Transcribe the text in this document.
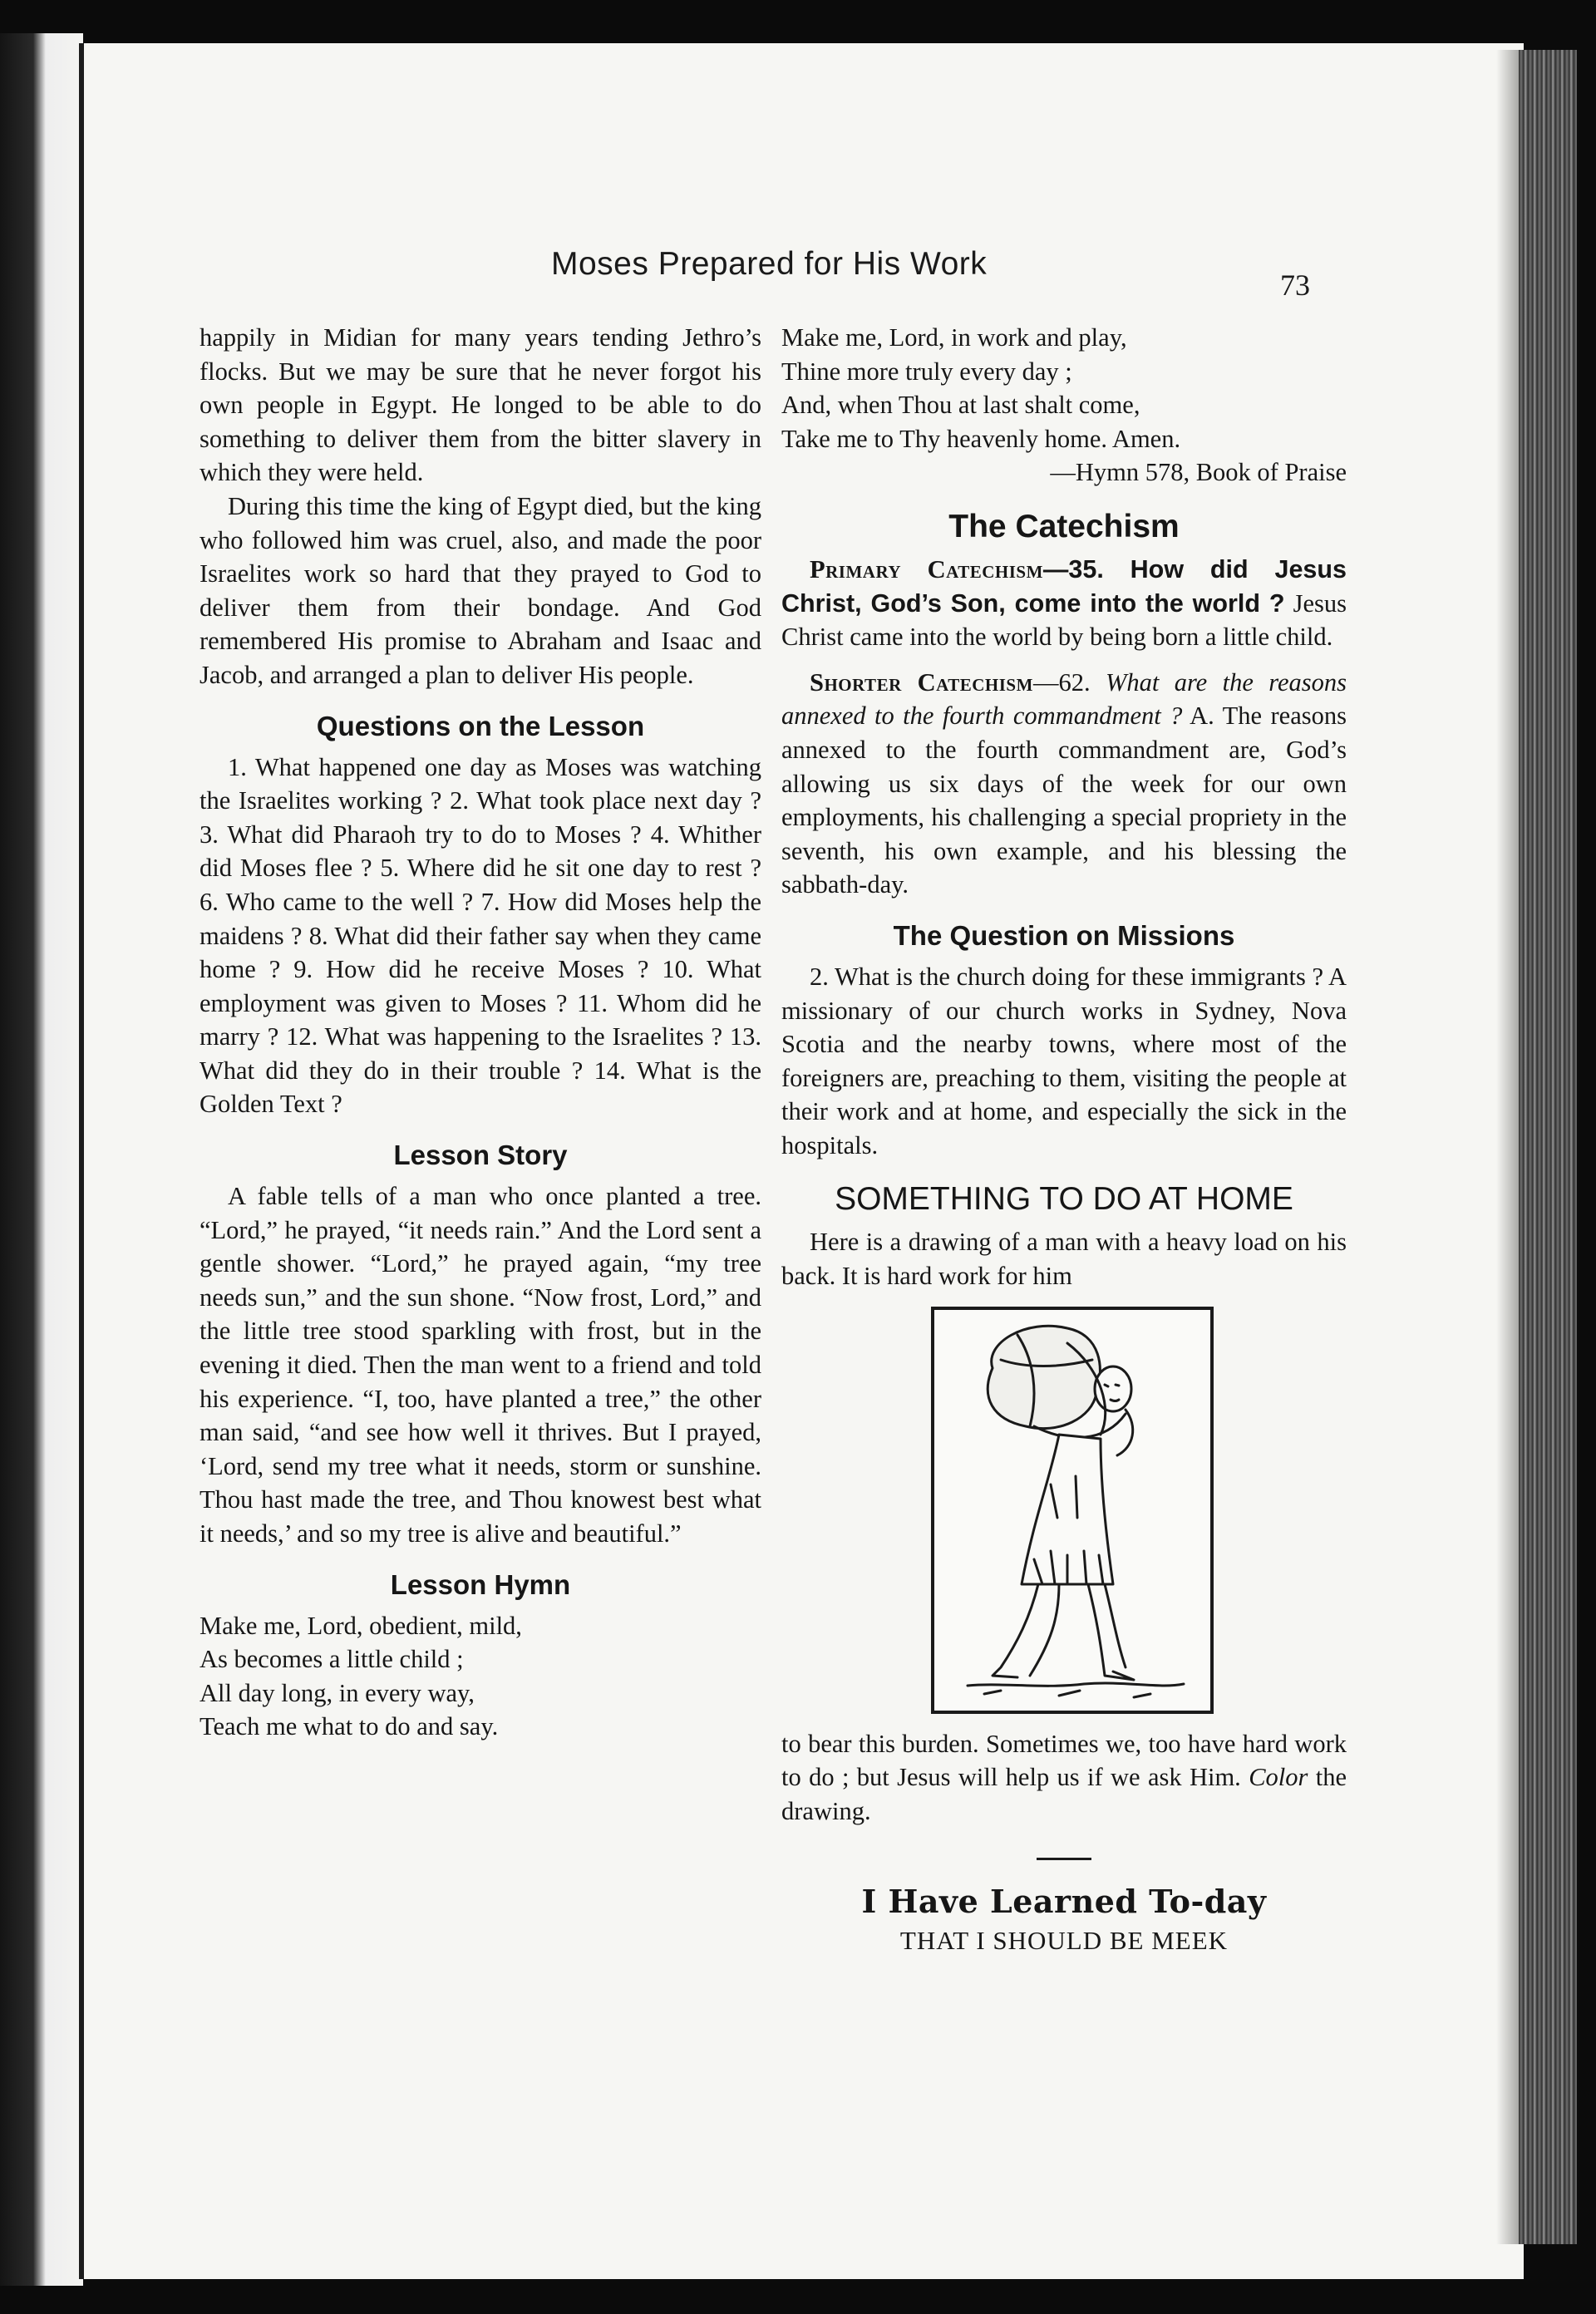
Moses Prepared for His Work
73

happily in Midian for many years tending Jethro’s flocks. But we may be sure that he never forgot his own people in Egypt. He longed to be able to do something to deliver them from the bitter slavery in which they were held.

During this time the king of Egypt died, but the king who followed him was cruel, also, and made the poor Israelites work so hard that they prayed to God to deliver them from their bondage. And God remembered His promise to Abraham and Isaac and Jacob, and arranged a plan to deliver His people.

Questions on the Lesson

1. What happened one day as Moses was watching the Israelites working ? 2. What took place next day ? 3. What did Pharaoh try to do to Moses ? 4. Whither did Moses flee ? 5. Where did he sit one day to rest ? 6. Who came to the well ? 7. How did Moses help the maidens ? 8. What did their father say when they came home ? 9. How did he receive Moses ? 10. What employment was given to Moses ? 11. Whom did he marry ? 12. What was happening to the Israelites ? 13. What did they do in their trouble ? 14. What is the Golden Text ?

Lesson Story

A fable tells of a man who once planted a tree. “Lord,” he prayed, “it needs rain.” And the Lord sent a gentle shower. “Lord,” he prayed again, “my tree needs sun,” and the sun shone. “Now frost, Lord,” and the little tree stood sparkling with frost, but in the evening it died. Then the man went to a friend and told his experience. “I, too, have planted a tree,” the other man said, “and see how well it thrives. But I prayed, ‘Lord, send my tree what it needs, storm or sunshine. Thou hast made the tree, and Thou knowest best what it needs,’ and so my tree is alive and beautiful.”

Lesson Hymn
Make me, Lord, obedient, mild,
As becomes a little child ;
All day long, in every way,
Teach me what to do and say.
Make me, Lord, in work and play,
Thine more truly every day ;
And, when Thou at last shalt come,
Take me to Thy heavenly home. Amen.

—Hymn 578, Book of Praise

The Catechism

Primary Catechism—35. How did Jesus Christ, God’s Son, come into the world ? Jesus Christ came into the world by being born a little child.

Shorter Catechism—62. What are the reasons annexed to the fourth commandment ? A. The reasons annexed to the fourth commandment are, God’s allowing us six days of the week for our own employments, his challenging a special propriety in the seventh, his own example, and his blessing the sabbath-day.

The Question on Missions

2. What is the church doing for these immigrants ? A missionary of our church works in Sydney, Nova Scotia and the nearby towns, where most of the foreigners are, preaching to them, visiting the people at their work and at home, and especially the sick in the hospitals.

SOMETHING TO DO AT HOME

Here is a drawing of a man with a heavy load on his back. It is hard work for him

to bear this burden. Sometimes we, too have hard work to do ; but Jesus will help us if we ask Him. Color the drawing.

I Have Learned To-day
THAT I SHOULD BE MEEK
